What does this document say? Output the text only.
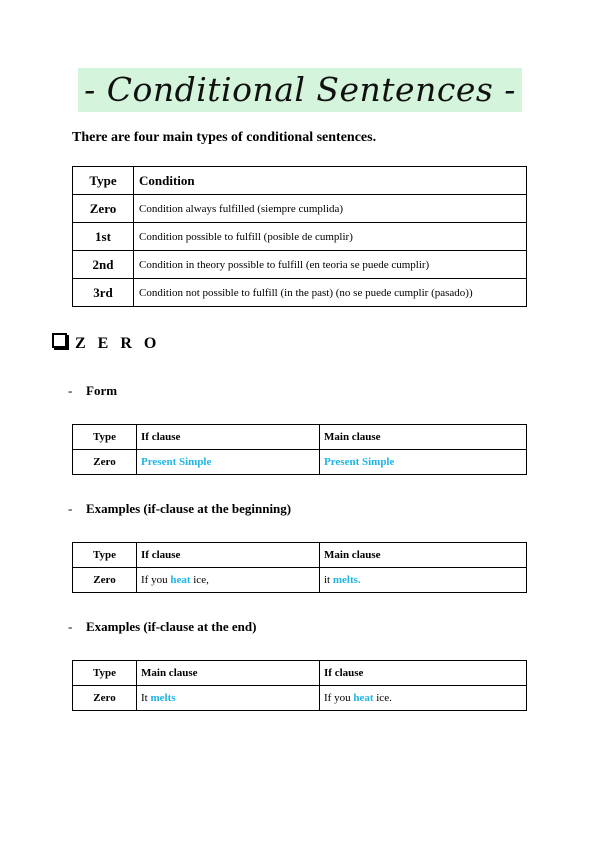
- Conditional Sentences -
There are four main types of conditional sentences.
Type	Condition
Zero	Condition always fulfilled (siempre cumplida)
1st	Condition possible to fulfill (posible de cumplir)
2nd	Condition in theory possible to fulfill (en teoria se puede cumplir)
3rd	Condition not possible to fulfill (in the past) (no se puede cumplir (pasado))
Z E R O
- Form
Type	If clause	Main clause
Zero	Present Simple	Present Simple
- Examples (if-clause at the beginning)
Type	If clause	Main clause
Zero	If you heat ice,	it melts.
- Examples (if-clause at the end)
Type	Main clause	If clause
Zero	It melts	If you heat ice.
